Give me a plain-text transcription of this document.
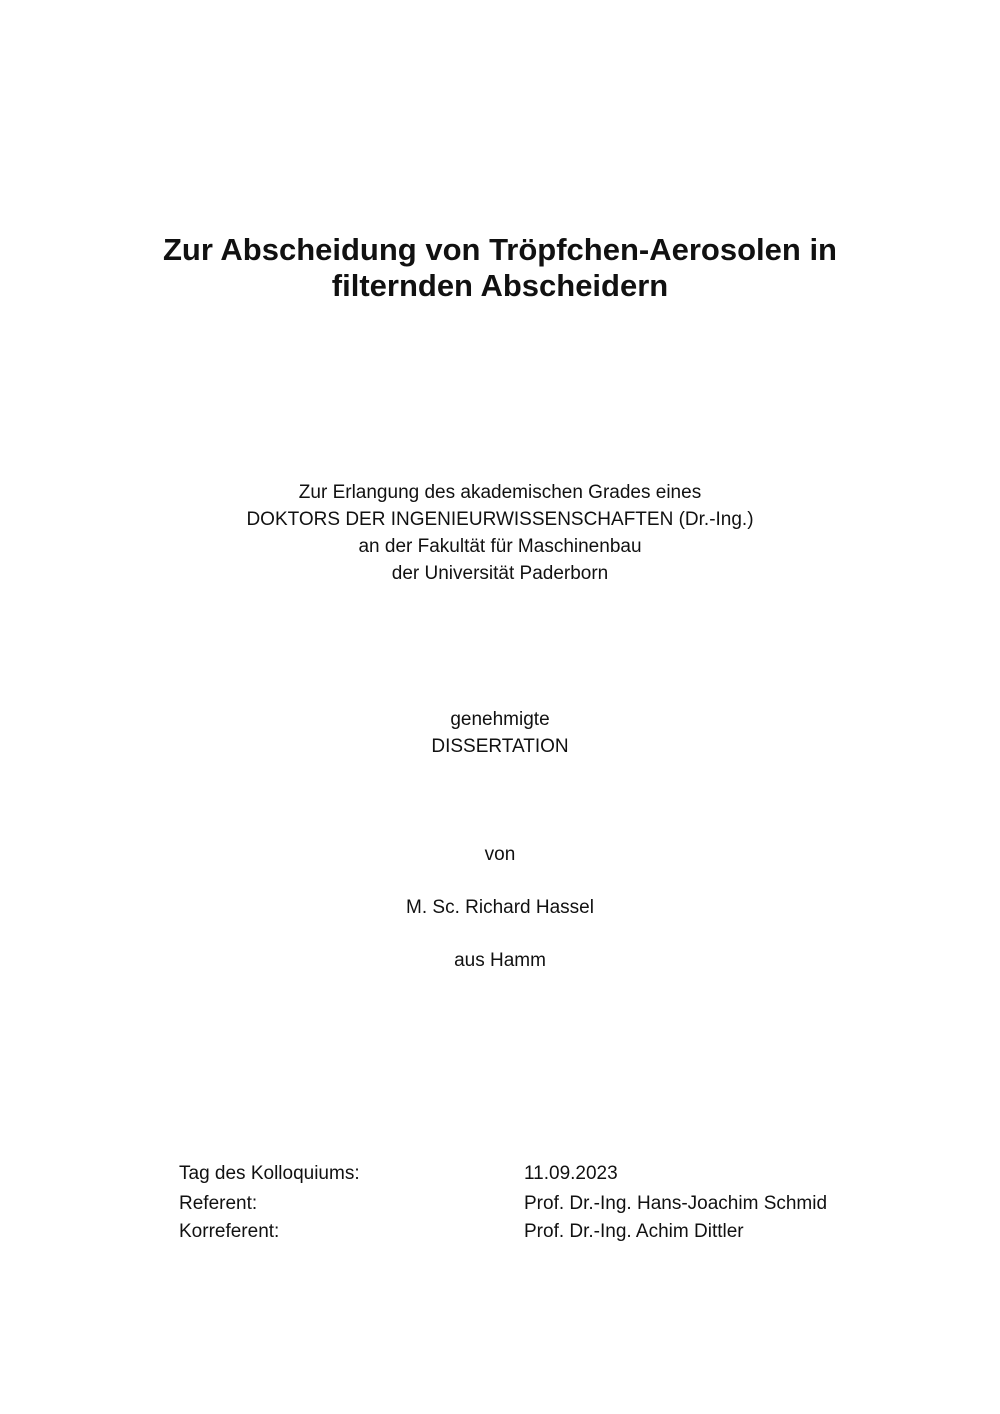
Zur Abscheidung von Tröpfchen-Aerosolen in
filternden Abscheidern
Zur Erlangung des akademischen Grades eines
DOKTORS DER INGENIEURWISSENSCHAFTEN (Dr.-Ing.)
an der Fakultät für Maschinenbau
der Universität Paderborn
genehmigte
DISSERTATION
von
M. Sc. Richard Hassel
aus Hamm
Tag des Kolloquiums:	11.09.2023
Referent:	Prof. Dr.-Ing. Hans-Joachim Schmid
Korreferent:	Prof. Dr.-Ing. Achim Dittler
